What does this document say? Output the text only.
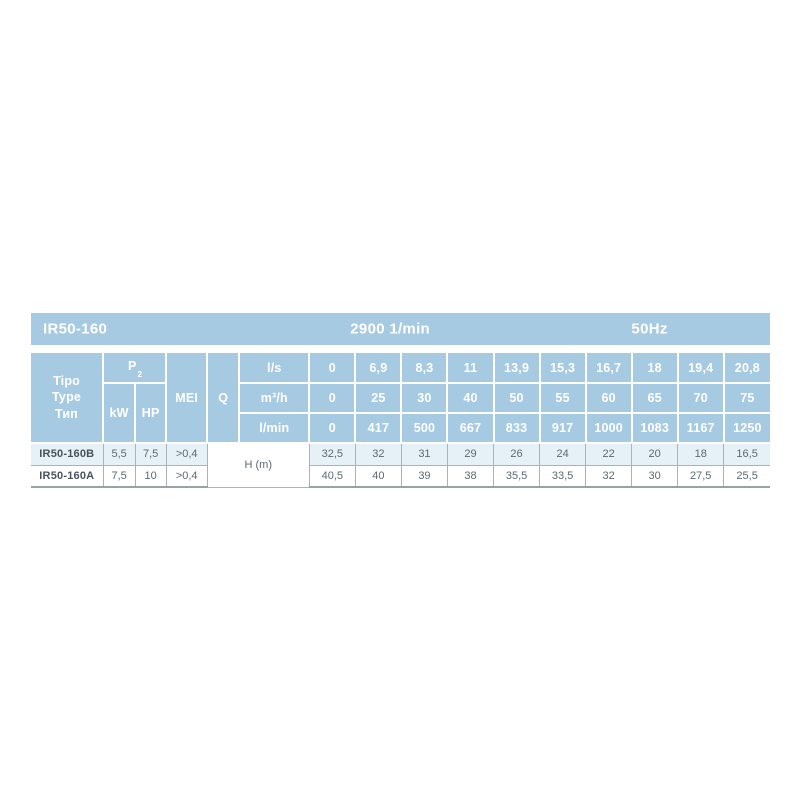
IR50-160	2900 1/min	50Hz
Tipo
Type
Тип	$P_2$		MEI	Q	l/s	0	6,9	8,3	11	13,9	15,3	16,7	18	19,4	20,8
	kW	HP			m³/h	0	25	30	40	50	55	60	65	70	75
					l/min	0	417	500	667	833	917	1000	1083	1167	1250
IR50-160B	5,5	7,5	>0,4	H (m)		32,5	32	31	29	26	24	22	20	18	16,5
IR50-160A	7,5	10	>0,4			40,5	40	39	38	35,5	33,5	32	30	27,5	25,5
